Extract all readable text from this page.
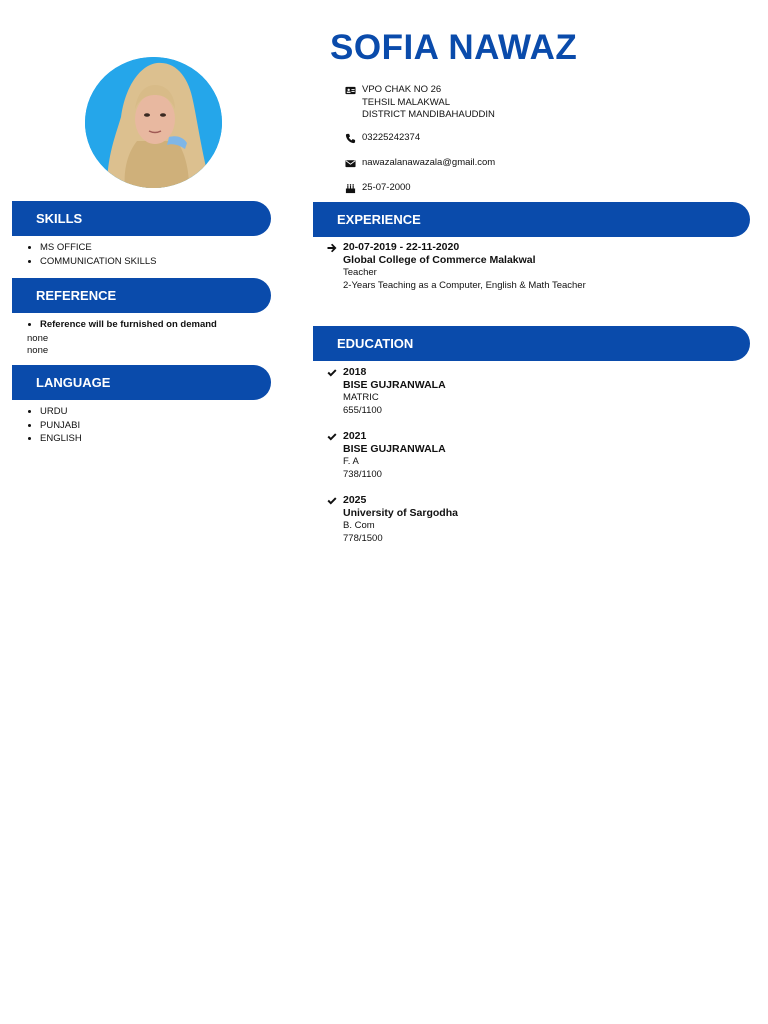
SOFIA NAWAZ
VPO CHAK NO 26
TEHSIL MALAKWAL
DISTRICT MANDIBAHAUDDIN
03225242374
nawazalanawazala@gmail.com
25-07-2000
SKILLS
MS OFFICE
COMMUNICATION SKILLS
REFERENCE
Reference will be furnished on demand
none
none
LANGUAGE
URDU
PUNJABI
ENGLISH
EXPERIENCE
20-07-2019 - 22-11-2020
Global College of Commerce Malakwal
Teacher
2-Years Teaching as a Computer, English & Math Teacher
EDUCATION
2018
BISE GUJRANWALA
MATRIC
655/1100
2021
BISE GUJRANWALA
F. A
738/1100
2025
University of Sargodha
B. Com
778/1500
